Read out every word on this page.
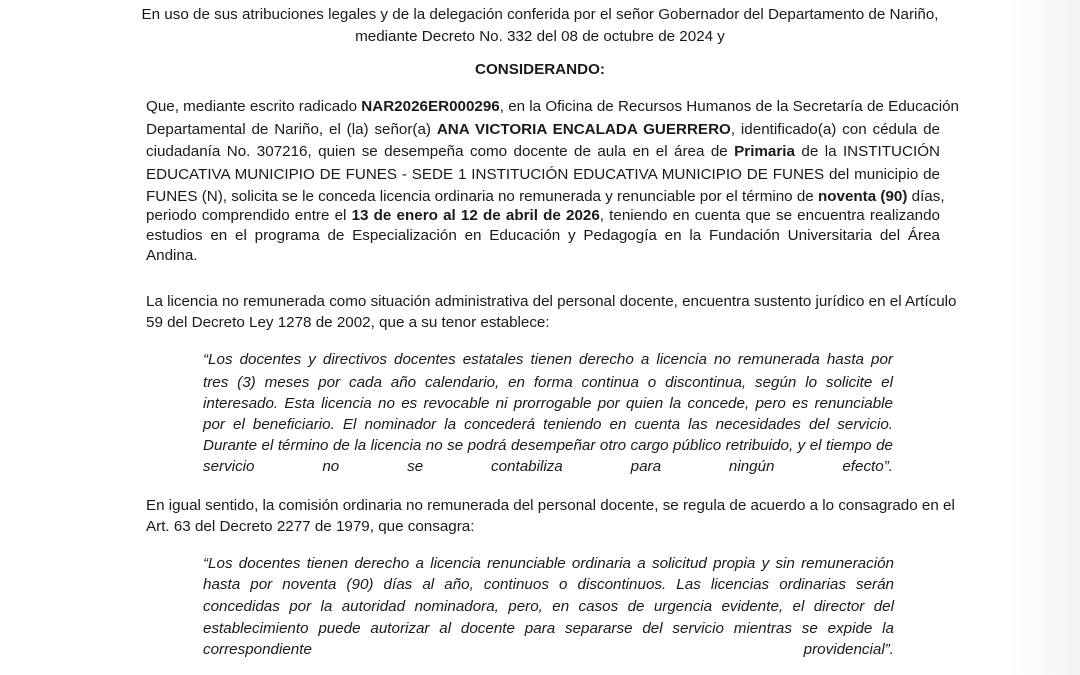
En uso de sus atribuciones legales y de la delegación conferida por el señor Gobernador del Departamento de Nariño,
mediante Decreto No. 332 del 08 de octubre de 2024 y
CONSIDERANDO:
Que, mediante escrito radicado NAR2026ER000296, en la Oficina de Recursos Humanos de la Secretaría de Educación
Departamental de Nariño, el (la) señor(a) ANA VICTORIA ENCALADA GUERRERO, identificado(a) con cédula de
ciudadanía No. 307216, quien se desempeña como docente de aula en el área de Primaria de la INSTITUCIÓN
EDUCATIVA MUNICIPIO DE FUNES - SEDE 1 INSTITUCIÓN EDUCATIVA MUNICIPIO DE FUNES del municipio de
FUNES (N), solicita se le conceda licencia ordinaria no remunerada y renunciable por el término de noventa (90) días,
periodo comprendido entre el 13 de enero al 12 de abril de 2026, teniendo en cuenta que se encuentra realizando
estudios en el programa de Especialización en Educación y Pedagogía en la Fundación Universitaria del Área
Andina.
La licencia no remunerada como situación administrativa del personal docente, encuentra sustento jurídico en el Artículo
59 del Decreto Ley 1278 de 2002, que a su tenor establece:
“Los docentes y directivos docentes estatales tienen derecho a licencia no remunerada hasta por
tres (3) meses por cada año calendario, en forma continua o discontinua, según lo solicite el
interesado. Esta licencia no es revocable ni prorrogable por quien la concede, pero es renunciable
por el beneficiario. El nominador la concederá teniendo en cuenta las necesidades del servicio.
Durante el término de la licencia no se podrá desempeñar otro cargo público retribuido, y el tiempo de
servicio no se contabiliza para ningún efecto”.
En igual sentido, la comisión ordinaria no remunerada del personal docente, se regula de acuerdo a lo consagrado en el
Art. 63 del Decreto 2277 de 1979, que consagra:
“Los docentes tienen derecho a licencia renunciable ordinaria a solicitud propia y sin remuneración
hasta por noventa (90) días al año, continuos o discontinuos. Las licencias ordinarias serán
concedidas por la autoridad nominadora, pero, en casos de urgencia evidente, el director del
establecimiento puede autorizar al docente para separarse del servicio mientras se expide la
correspondiente providencial”.
